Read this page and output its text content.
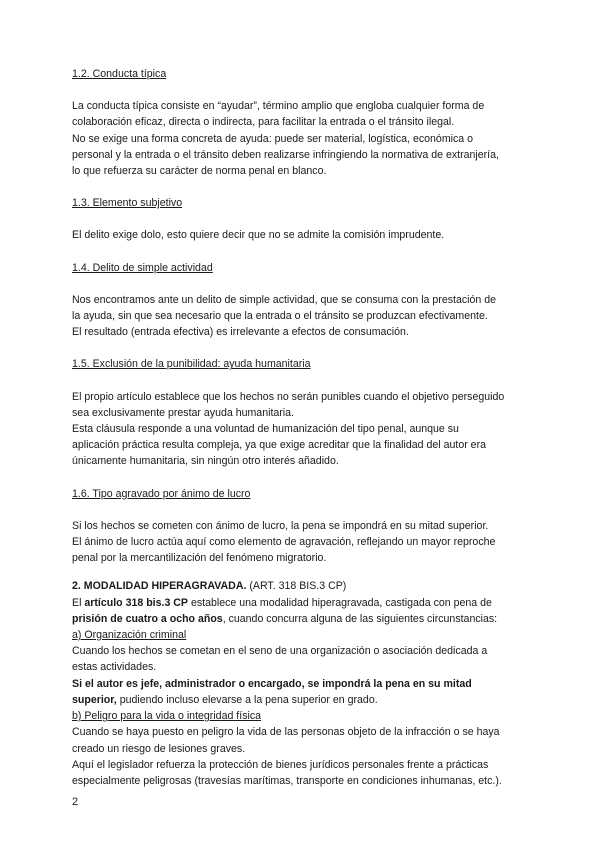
1.2. Conducta típica

La conducta típica consiste en “ayudar”, término amplio que engloba cualquier forma de

colaboración eficaz, directa o indirecta, para facilitar la entrada o el tránsito ilegal.

No se exige una forma concreta de ayuda: puede ser material, logística, económica o

personal y la entrada o el tránsito deben realizarse infringiendo la normativa de extranjería,

lo que refuerza su carácter de norma penal en blanco.

1.3. Elemento subjetivo

El delito exige dolo, esto quiere decir que no se admite la comisión imprudente.

1.4. Delito de simple actividad

Nos encontramos ante un delito de simple actividad, que se consuma con la prestación de

la ayuda, sin que sea necesario que la entrada o el tránsito se produzcan efectivamente.

El resultado (entrada efectiva) es irrelevante a efectos de consumación.

1.5. Exclusión de la punibilidad: ayuda humanitaria

El propio artículo establece que los hechos no serán punibles cuando el objetivo perseguido

sea exclusivamente prestar ayuda humanitaria.

Esta cláusula responde a una voluntad de humanización del tipo penal, aunque su

aplicación práctica resulta compleja, ya que exige acreditar que la finalidad del autor era

únicamente humanitaria, sin ningún otro interés añadido.

1.6. Tipo agravado por ánimo de lucro

Si los hechos se cometen con ánimo de lucro, la pena se impondrá en su mitad superior.

El ánimo de lucro actúa aquí como elemento de agravación, reflejando un mayor reproche

penal por la mercantilización del fenómeno migratorio.

2. MODALIDAD HIPERAGRAVADA. (ART. 318 BIS.3 CP)

El artículo 318 bis.3 CP establece una modalidad hiperagravada, castigada con pena de

prisión de cuatro a ocho años, cuando concurra alguna de las siguientes circunstancias:

a) Organización criminal

Cuando los hechos se cometan en el seno de una organización o asociación dedicada a

estas actividades.

Si el autor es jefe, administrador o encargado, se impondrá la pena en su mitad

superior, pudiendo incluso elevarse a la pena superior en grado.

b) Peligro para la vida o integridad física

Cuando se haya puesto en peligro la vida de las personas objeto de la infracción o se haya

creado un riesgo de lesiones graves.

Aquí el legislador refuerza la protección de bienes jurídicos personales frente a prácticas

especialmente peligrosas (travesías marítimas, transporte en condiciones inhumanas, etc.).

2
